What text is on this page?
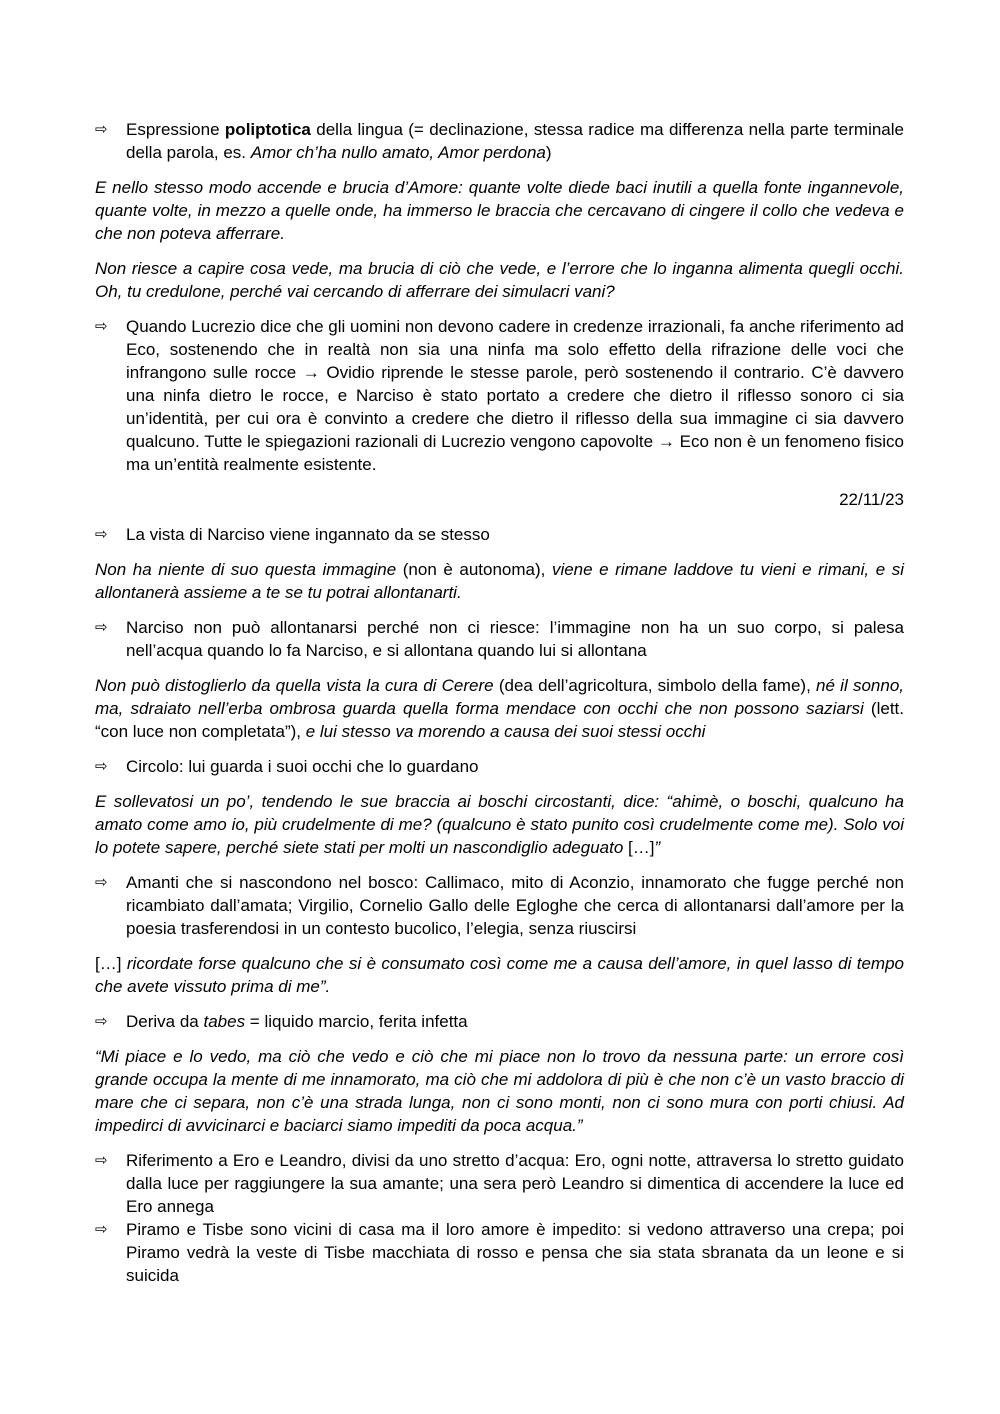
⇨	Espressione poliptotica della lingua (= declinazione, stessa radice ma differenza nella parte terminale della parola, es. Amor ch’ha nullo amato, Amor perdona)

E nello stesso modo accende e brucia d’Amore: quante volte diede baci inutili a quella fonte ingannevole, quante volte, in mezzo a quelle onde, ha immerso le braccia che cercavano di cingere il collo che vedeva e che non poteva afferrare.

Non riesce a capire cosa vede, ma brucia di ciò che vede, e l’errore che lo inganna alimenta quegli occhi. Oh, tu credulone, perché vai cercando di afferrare dei simulacri vani?

⇨	Quando Lucrezio dice che gli uomini non devono cadere in credenze irrazionali, fa anche riferimento ad Eco, sostenendo che in realtà non sia una ninfa ma solo effetto della rifrazione delle voci che infrangono sulle rocce → Ovidio riprende le stesse parole, però sostenendo il contrario. C’è davvero una ninfa dietro le rocce, e Narciso è stato portato a credere che dietro il riflesso sonoro ci sia un’identità, per cui ora è convinto a credere che dietro il riflesso della sua immagine ci sia davvero qualcuno. Tutte le spiegazioni razionali di Lucrezio vengono capovolte → Eco non è un fenomeno fisico ma un’entità realmente esistente.
22/11/23
⇨	La vista di Narciso viene ingannato da se stesso

Non ha niente di suo questa immagine (non è autonoma), viene e rimane laddove tu vieni e rimani, e si allontanerà assieme a te se tu potrai allontanarti.

⇨	Narciso non può allontanarsi perché non ci riesce: l’immagine non ha un suo corpo, si palesa nell’acqua quando lo fa Narciso, e si allontana quando lui si allontana

Non può distoglierlo da quella vista la cura di Cerere (dea dell’agricoltura, simbolo della fame), né il sonno, ma, sdraiato nell’erba ombrosa guarda quella forma mendace con occhi che non possono saziarsi (lett. “con luce non completata”), e lui stesso va morendo a causa dei suoi stessi occhi

⇨	Circolo: lui guarda i suoi occhi che lo guardano

E sollevatosi un po’, tendendo le sue braccia ai boschi circostanti, dice: “ahimè, o boschi, qualcuno ha amato come amo io, più crudelmente di me? (qualcuno è stato punito così crudelmente come me). Solo voi lo potete sapere, perché siete stati per molti un nascondiglio adeguato […]”

⇨	Amanti che si nascondono nel bosco: Callimaco, mito di Aconzio, innamorato che fugge perché non ricambiato dall’amata; Virgilio, Cornelio Gallo delle Egloghe che cerca di allontanarsi dall’amore per la poesia trasferendosi in un contesto bucolico, l’elegia, senza riuscirsi

[…] ricordate forse qualcuno che si è consumato così come me a causa dell’amore, in quel lasso di tempo che avete vissuto prima di me”.

⇨	Deriva da tabes = liquido marcio, ferita infetta

“Mi piace e lo vedo, ma ciò che vedo e ciò che mi piace non lo trovo da nessuna parte: un errore così grande occupa la mente di me innamorato, ma ciò che mi addolora di più è che non c’è un vasto braccio di mare che ci separa, non c’è una strada lunga, non ci sono monti, non ci sono mura con porti chiusi. Ad impedirci di avvicinarci e baciarci siamo impediti da poca acqua.”

⇨	Riferimento a Ero e Leandro, divisi da uno stretto d’acqua: Ero, ogni notte, attraversa lo stretto guidato dalla luce per raggiungere la sua amante; una sera però Leandro si dimentica di accendere la luce ed Ero annega
⇨	Piramo e Tisbe sono vicini di casa ma il loro amore è impedito: si vedono attraverso una crepa; poi Piramo vedrà la veste di Tisbe macchiata di rosso e pensa che sia stata sbranata da un leone e si suicida
